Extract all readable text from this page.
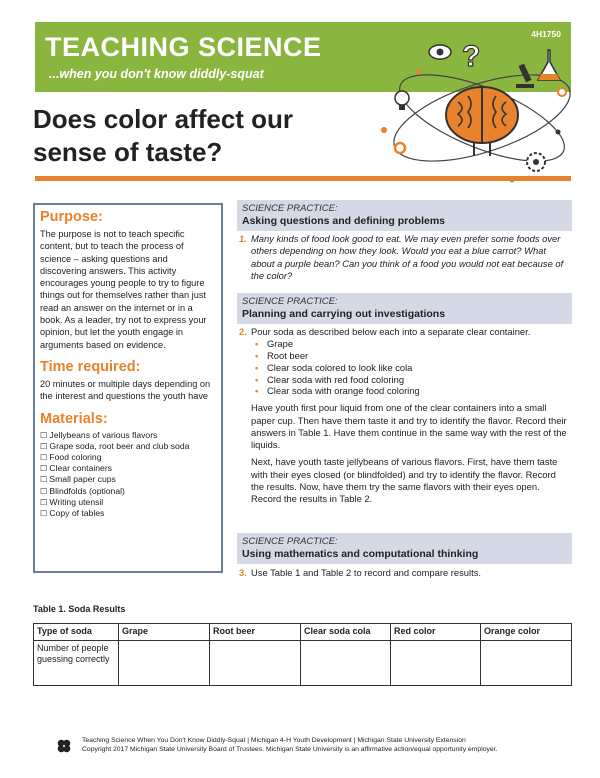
TEACHING SCIENCE
...when you don't know diddly-squat
4H1750
?
Does color affect our sense of taste?
Purpose:
The purpose is not to teach specific content, but to teach the process of science – asking questions and discovering answers. This activity encourages young people to try to figure things out for themselves rather than just read an answer on the internet or in a book. As a leader, try not to express your opinion, but let the youth engage in arguments based on evidence.
Time required:
20 minutes or multiple days depending on the interest and questions the youth have
Materials:
☐ Jellybeans of various flavors
☐ Grape soda, root beer and club soda
☐ Food coloring
☐ Clear containers
☐ Small paper cups
☐ Blindfolds (optional)
☐ Writing utensil
☐ Copy of tables
SCIENCE PRACTICE:
Asking questions and defining problems
1. Many kinds of food look good to eat. We may even prefer some foods over others depending on how they look. Would you eat a blue carrot? What about a purple bean? Can you think of a food you would not eat because of the color?
SCIENCE PRACTICE:
Planning and carrying out investigations
2. Pour soda as described below each into a separate clear container.
• Grape
• Root beer
• Clear soda colored to look like cola
• Clear soda with red food coloring
• Clear soda with orange food coloring
Have youth first pour liquid from one of the clear containers into a small paper cup. Then have them taste it and try to identify the flavor. Record their answers in Table 1. Have them continue in the same way with the rest of the liquids.
Next, have youth taste jellybeans of various flavors. First, have them taste with their eyes closed (or blindfolded) and try to identify the flavor. Record the results. Now, have them try the same flavors with their eyes open. Record the results in Table 2.
SCIENCE PRACTICE:
Using mathematics and computational thinking
3. Use Table 1 and Table 2 to record and compare results.
Table 1. Soda Results
Type of soda	Grape	Root beer	Clear soda cola	Red color	Orange color
Number of people guessing correctly					
Teaching Science When You Don't Know Diddly-Squat | Michigan 4-H Youth Development | Michigan State University Extension
Copyright 2017 Michigan State University Board of Trustees. Michigan State University is an affirmative action/equal opportunity employer.
